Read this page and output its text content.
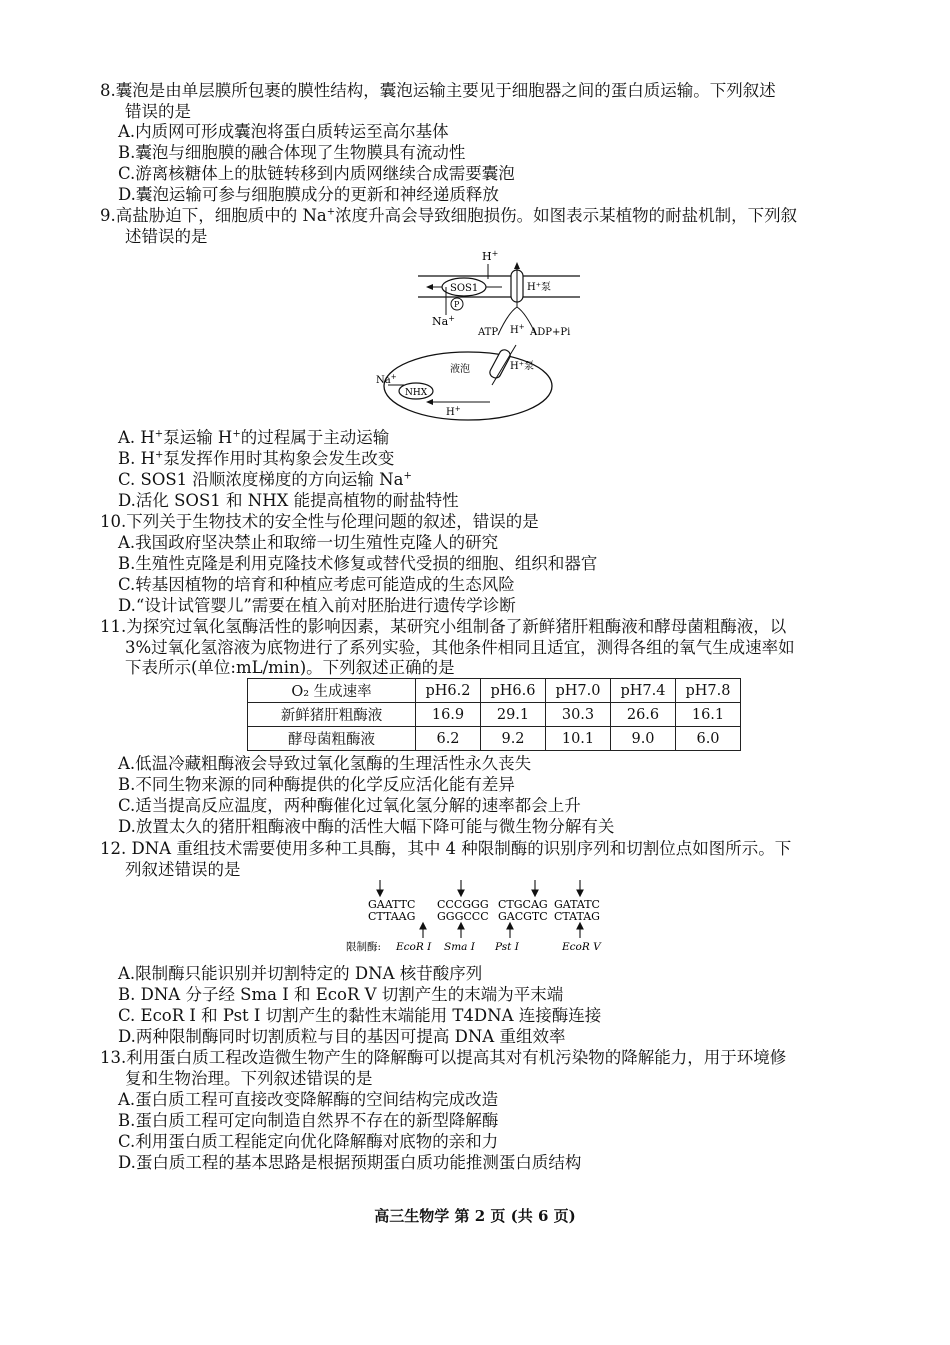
8.囊泡是由单层膜所包裹的膜性结构，囊泡运输主要见于细胞器之间的蛋白质运输。下列叙述
错误的是
A.内质网可形成囊泡将蛋白质转运至高尔基体
B.囊泡与细胞膜的融合体现了生物膜具有流动性
C.游离核糖体上的肽链转移到内质网继续合成需要囊泡
D.囊泡运输可参与细胞膜成分的更新和神经递质释放
9.高盐胁迫下，细胞质中的 Na+浓度升高会导致细胞损伤。如图表示某植物的耐盐机制，下列叙
述错误的是
H+
SOS1
P
Na+
H⁺泵
ATP H+ ADP+Pi
液泡	H⁺泵
Na+
NHX
H+
A. H+泵运输 H+的过程属于主动运输
B. H+泵发挥作用时其构象会发生改变
C. SOS1 沿顺浓度梯度的方向运输 Na+
D.活化 SOS1 和 NHX 能提高植物的耐盐特性
10.下列关于生物技术的安全性与伦理问题的叙述，错误的是
A.我国政府坚决禁止和取缔一切生殖性克隆人的研究
B.生殖性克隆是利用克隆技术修复或替代受损的细胞、组织和器官
C.转基因植物的培育和种植应考虑可能造成的生态风险
D.“设计试管婴儿”需要在植入前对胚胎进行遗传学诊断
11.为探究过氧化氢酶活性的影响因素，某研究小组制备了新鲜猪肝粗酶液和酵母菌粗酶液，以
3%过氧化氢溶液为底物进行了系列实验，其他条件相同且适宜，测得各组的氧气生成速率如
下表所示(单位:mL/min)。下列叙述正确的是
O₂ 生成速率	pH6.2	pH6.6	pH7.0	pH7.4	pH7.8
新鲜猪肝粗酶液	16.9	29.1	30.3	26.6	16.1
酵母菌粗酶液	6.2	9.2	10.1	9.0	6.0
A.低温冷藏粗酶液会导致过氧化氢酶的生理活性永久丧失
B.不同生物来源的同种酶提供的化学反应活化能有差异
C.适当提高反应温度，两种酶催化过氧化氢分解的速率都会上升
D.放置太久的猪肝粗酶液中酶的活性大幅下降可能与微生物分解有关
12. DNA 重组技术需要使用多种工具酶，其中 4 种限制酶的识别序列和切割位点如图所示。下
列叙述错误的是
GAATTC CCCGGG CTGCAG GATATC
CTTAAG GGGCCC GACGTC CTATAG
限制酶: EcoR I Sma I Pst I	EcoR V
A.限制酶只能识别并切割特定的 DNA 核苷酸序列
B. DNA 分子经 Sma I 和 EcoR V 切割产生的末端为平末端
C. EcoR I 和 Pst I 切割产生的黏性末端能用 T4DNA 连接酶连接
D.两种限制酶同时切割质粒与目的基因可提高 DNA 重组效率
13.利用蛋白质工程改造微生物产生的降解酶可以提高其对有机污染物的降解能力，用于环境修
复和生物治理。下列叙述错误的是
A.蛋白质工程可直接改变降解酶的空间结构完成改造
B.蛋白质工程可定向制造自然界不存在的新型降解酶
C.利用蛋白质工程能定向优化降解酶对底物的亲和力
D.蛋白质工程的基本思路是根据预期蛋白质功能推测蛋白质结构
高三生物学 第 2 页 (共 6 页)
